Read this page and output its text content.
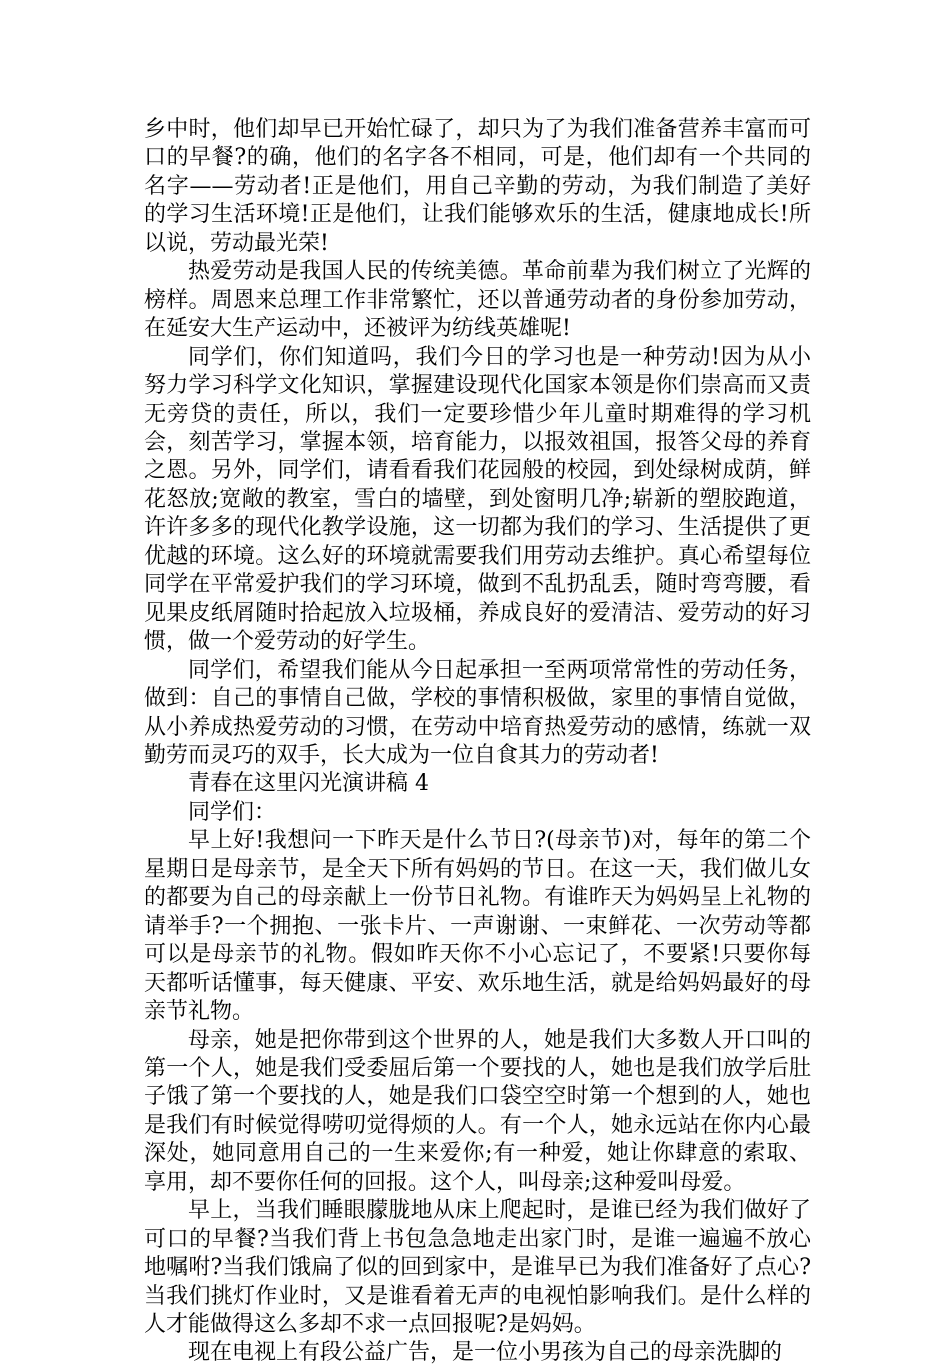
乡中时，他们却早已开始忙碌了，却只为了为我们准备营养丰富而可口的早餐?的确，他们的名字各不相同，可是，他们却有一个共同的名字——劳动者!正是他们，用自己辛勤的劳动，为我们制造了美好的学习生活环境!正是他们，让我们能够欢乐的生活，健康地成长!所以说，劳动最光荣!

热爱劳动是我国人民的传统美德。革命前辈为我们树立了光辉的榜样。周恩来总理工作非常繁忙，还以普通劳动者的身份参加劳动，在延安大生产运动中，还被评为纺线英雄呢!

同学们，你们知道吗，我们今日的学习也是一种劳动!因为从小努力学习科学文化知识，掌握建设现代化国家本领是你们崇高而又责无旁贷的责任，所以，我们一定要珍惜少年儿童时期难得的学习机会，刻苦学习，掌握本领，培育能力，以报效祖国，报答父母的养育之恩。另外，同学们，请看看我们花园般的校园，到处绿树成荫，鲜花怒放;宽敞的教室，雪白的墙壁，到处窗明几净;崭新的塑胶跑道，许许多多的现代化教学设施，这一切都为我们的学习、生活提供了更优越的环境。这么好的环境就需要我们用劳动去维护。真心希望每位同学在平常爱护我们的学习环境，做到不乱扔乱丢，随时弯弯腰，看见果皮纸屑随时拾起放入垃圾桶，养成良好的爱清洁、爱劳动的好习惯，做一个爱劳动的好学生。

同学们，希望我们能从今日起承担一至两项常常性的劳动任务，做到：自己的事情自己做，学校的事情积极做，家里的事情自觉做，从小养成热爱劳动的习惯，在劳动中培育热爱劳动的感情，练就一双勤劳而灵巧的双手，长大成为一位自食其力的劳动者!

青春在这里闪光演讲稿 4

同学们：

早上好!我想问一下昨天是什么节日?(母亲节)对，每年的第二个星期日是母亲节，是全天下所有妈妈的节日。在这一天，我们做儿女的都要为自己的母亲献上一份节日礼物。有谁昨天为妈妈呈上礼物的请举手?一个拥抱、一张卡片、一声谢谢、一束鲜花、一次劳动等都可以是母亲节的礼物。假如昨天你不小心忘记了，不要紧!只要你每天都听话懂事，每天健康、平安、欢乐地生活，就是给妈妈最好的母亲节礼物。

母亲，她是把你带到这个世界的人，她是我们大多数人开口叫的第一个人，她是我们受委屈后第一个要找的人，她也是我们放学后肚子饿了第一个要找的人，她是我们口袋空空时第一个想到的人，她也是我们有时候觉得唠叨觉得烦的人。有一个人，她永远站在你内心最深处，她同意用自己的一生来爱你;有一种爱，她让你肆意的索取、享用，却不要你任何的回报。这个人，叫母亲;这种爱叫母爱。

早上，当我们睡眼朦胧地从床上爬起时，是谁已经为我们做好了可口的早餐?当我们背上书包急急地走出家门时，是谁一遍遍不放心地嘱咐?当我们饿扁了似的回到家中，是谁早已为我们准备好了点心?当我们挑灯作业时，又是谁看着无声的电视怕影响我们。是什么样的人才能做得这么多却不求一点回报呢?是妈妈。

现在电视上有段公益广告，是一位小男孩为自己的母亲洗脚的
